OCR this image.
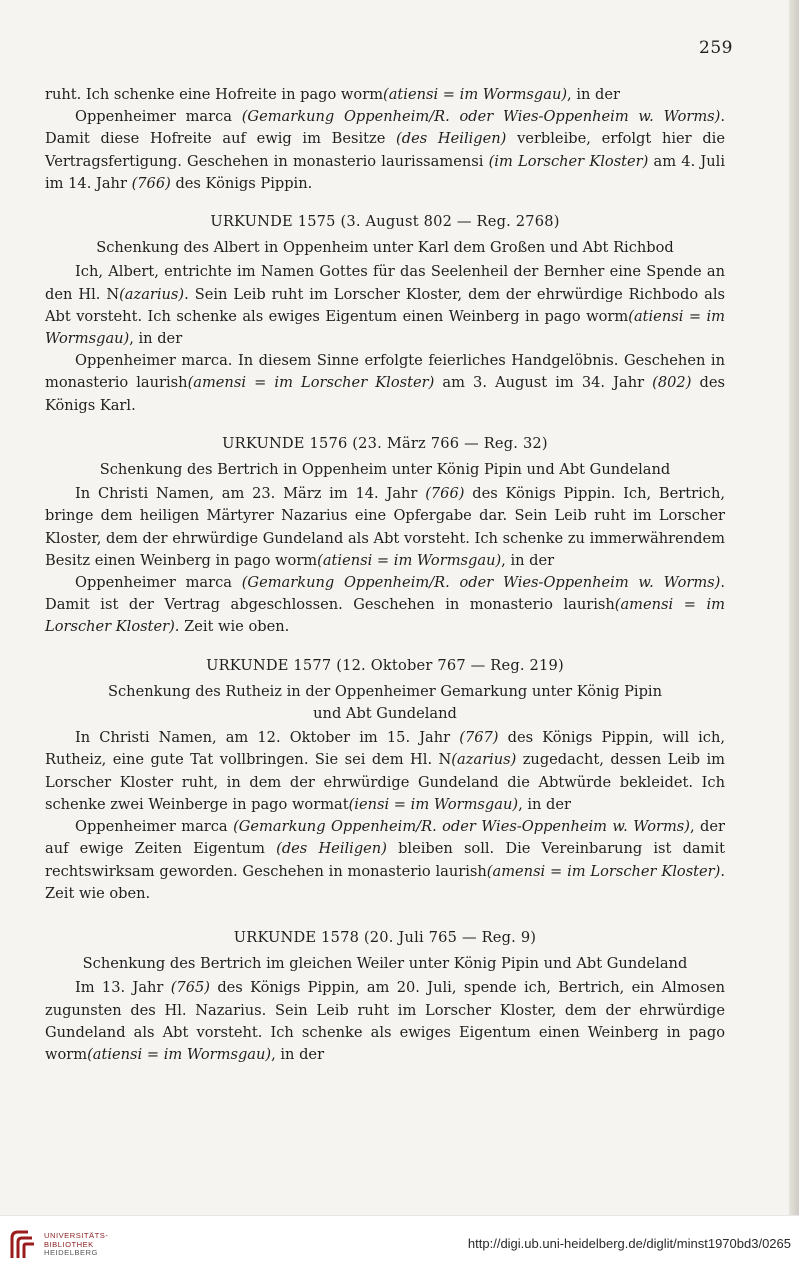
259

ruht. Ich schenke eine Hofreite in pago worm(atiensi = im Wormsgau), in der

Oppenheimer marca (Gemarkung Oppenheim/R. oder Wies-Oppenheim w. Worms). Damit diese Hofreite auf ewig im Besitze (des Heiligen) verbleibe, erfolgt hier die Vertragsfertigung. Geschehen in monasterio laurissamensi (im Lorscher Kloster) am 4. Juli im 14. Jahr (766) des Königs Pippin.

URKUNDE 1575 (3. August 802 — Reg. 2768)
Schenkung des Albert in Oppenheim unter Karl dem Großen und Abt Richbod

Ich, Albert, entrichte im Namen Gottes für das Seelenheil der Bernher eine Spende an den Hl. N(azarius). Sein Leib ruht im Lorscher Kloster, dem der ehrwürdige Richbodo als Abt vorsteht. Ich schenke als ewiges Eigentum einen Weinberg in pago worm(atiensi = im Wormsgau), in der

Oppenheimer marca. In diesem Sinne erfolgte feierliches Handgelöbnis. Geschehen in monasterio laurish(amensi = im Lorscher Kloster) am 3. August im 34. Jahr (802) des Königs Karl.

URKUNDE 1576 (23. März 766 — Reg. 32)
Schenkung des Bertrich in Oppenheim unter König Pipin und Abt Gundeland

In Christi Namen, am 23. März im 14. Jahr (766) des Königs Pippin. Ich, Bertrich, bringe dem heiligen Märtyrer Nazarius eine Opfergabe dar. Sein Leib ruht im Lorscher Kloster, dem der ehrwürdige Gundeland als Abt vorsteht. Ich schenke zu immerwährendem Besitz einen Weinberg in pago worm(atiensi = im Wormsgau), in der

Oppenheimer marca (Gemarkung Oppenheim/R. oder Wies-Oppenheim w. Worms). Damit ist der Vertrag abgeschlossen. Geschehen in monasterio laurish(amensi = im Lorscher Kloster). Zeit wie oben.

URKUNDE 1577 (12. Oktober 767 — Reg. 219)
Schenkung des Rutheiz in der Oppenheimer Gemarkung unter König Pipin
und Abt Gundeland

In Christi Namen, am 12. Oktober im 15. Jahr (767) des Königs Pippin, will ich, Rutheiz, eine gute Tat vollbringen. Sie sei dem Hl. N(azarius) zugedacht, dessen Leib im Lorscher Kloster ruht, in dem der ehrwürdige Gundeland die Abtwürde bekleidet. Ich schenke zwei Weinberge in pago wormat(iensi = im Wormsgau), in der

Oppenheimer marca (Gemarkung Oppenheim/R. oder Wies-Oppenheim w. Worms), der auf ewige Zeiten Eigentum (des Heiligen) bleiben soll. Die Vereinbarung ist damit rechtswirksam geworden. Geschehen in monasterio laurish(amensi = im Lorscher Kloster). Zeit wie oben.

URKUNDE 1578 (20. Juli 765 — Reg. 9)
Schenkung des Bertrich im gleichen Weiler unter König Pipin und Abt Gundeland

Im 13. Jahr (765) des Königs Pippin, am 20. Juli, spende ich, Bertrich, ein Almosen zugunsten des Hl. Nazarius. Sein Leib ruht im Lorscher Kloster, dem der ehrwürdige Gundeland als Abt vorsteht. Ich schenke als ewiges Eigentum einen Weinberg in pago worm(atiensi = im Wormsgau), in der

UNIVERSITÄTS-
BIBLIOTHEK
HEIDELBERG
http://digi.ub.uni-heidelberg.de/diglit/minst1970bd3/0265
